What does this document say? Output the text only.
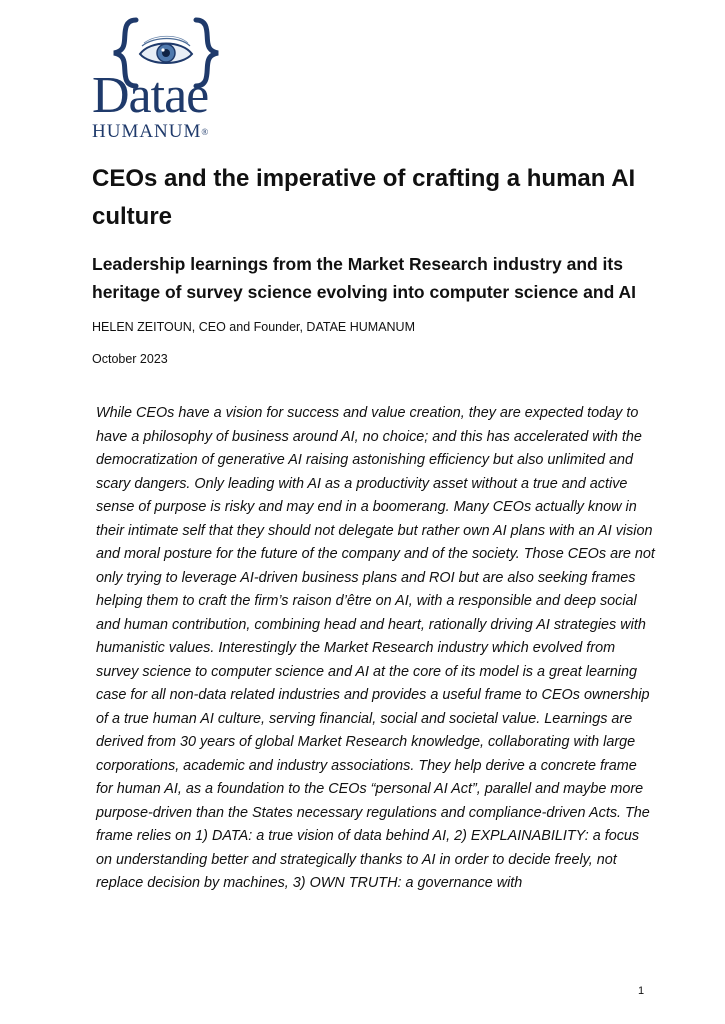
Datae
HUMANUM®
CEOs and the imperative of crafting a human AI culture
Leadership learnings from the Market Research industry and its heritage of survey science evolving into computer science and AI

HELEN ZEITOUN, CEO and Founder, DATAE HUMANUM

October 2023

While CEOs have a vision for success and value creation, they are expected today to have a philosophy of business around AI, no choice; and this has accelerated with the democratization of generative AI raising astonishing efficiency but also unlimited and scary dangers. Only leading with AI as a productivity asset without a true and active sense of purpose is risky and may end in a boomerang. Many CEOs actually know in their intimate self that they should not delegate but rather own AI plans with an AI vision and moral posture for the future of the company and of the society. Those CEOs are not only trying to leverage AI-driven business plans and ROI but are also seeking frames helping them to craft the firm’s raison d’être on AI, with a responsible and deep social and human contribution, combining head and heart, rationally driving AI strategies with humanistic values. Interestingly the Market Research industry which evolved from survey science to computer science and AI at the core of its model is a great learning case for all non-data related industries and provides a useful frame to CEOs ownership of a true human AI culture, serving financial, social and societal value. Learnings are derived from 30 years of global Market Research knowledge, collaborating with large corporations, academic and industry associations. They help derive a concrete frame for human AI, as a foundation to the CEOs “personal AI Act”, parallel and maybe more purpose-driven than the States necessary regulations and compliance-driven Acts. The frame relies on 1) DATA: a true vision of data behind AI, 2) EXPLAINABILITY: a focus on understanding better and strategically thanks to AI in order to decide freely, not replace decision by machines, 3) OWN TRUTH: a governance with

1
